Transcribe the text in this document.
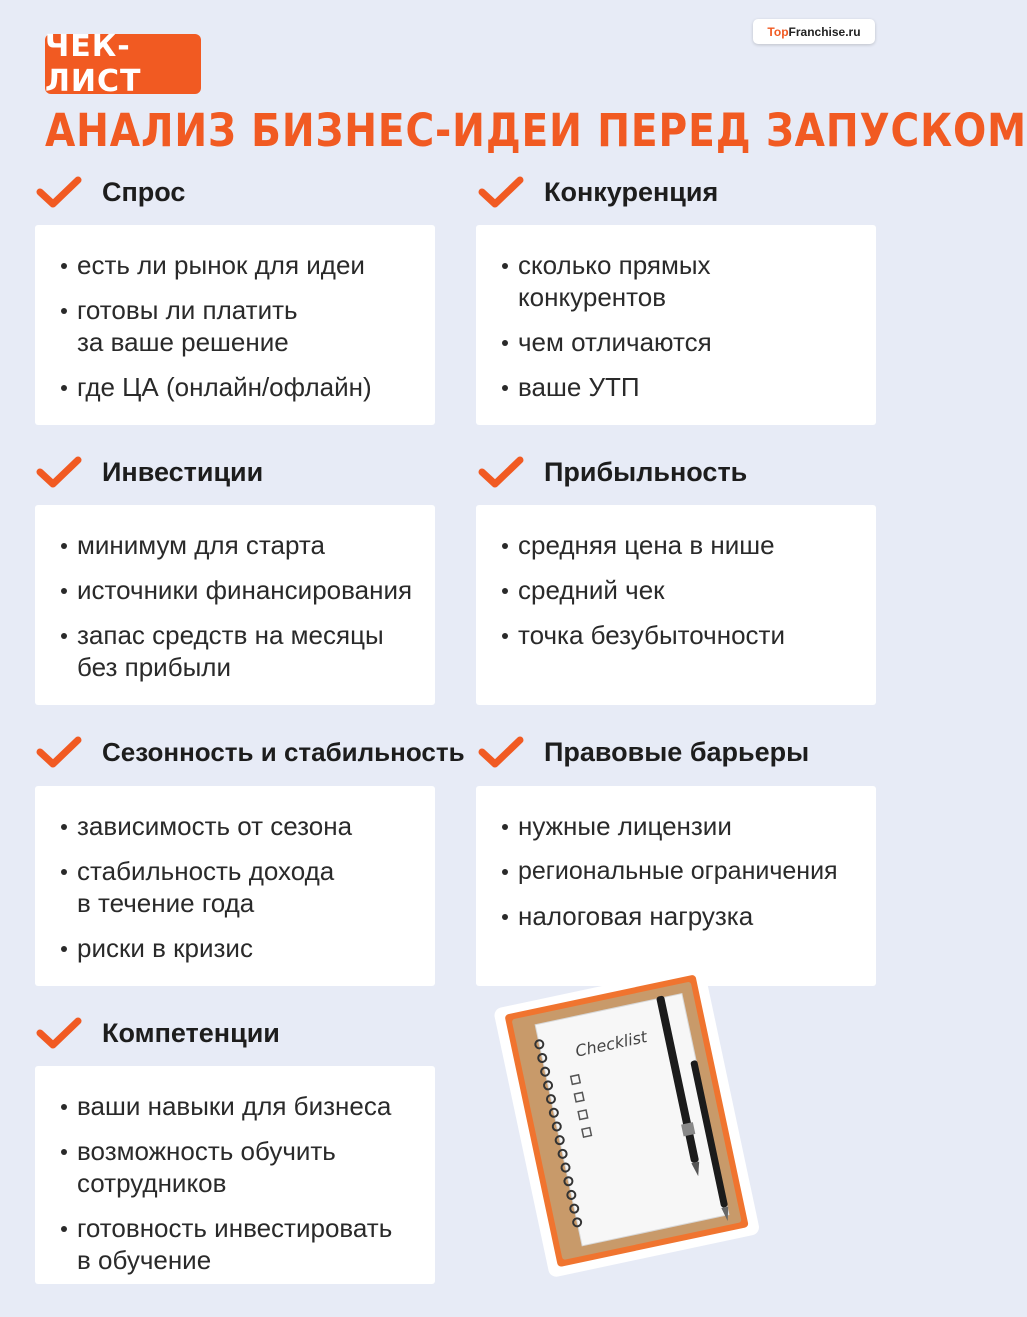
ЧЕК-ЛИСТ
Top Franchise.ru
АНАЛИЗ БИЗНЕС-ИДЕИ ПЕРЕД ЗАПУСКОМ
Спрос
есть ли рынок для идеи
готовы ли платить за ваше решение
где ЦА (онлайн/офлайн)
Конкуренция
сколько прямых конкурентов
чем отличаются
ваше УТП
Инвестиции
минимум для старта
источники финансирования
запас средств на месяцы без прибыли
Прибыльность
средняя цена в нише
средний чек
точка безубыточности
Сезонность и стабильность
зависимость от сезона
стабильность дохода в течение года
риски в кризис
Правовые барьеры
нужные лицензии
региональные ограничения
налоговая нагрузка
Компетенции
ваши навыки для бизнеса
возможность обучить сотрудников
готовность инвестировать в обучение
Checklist
